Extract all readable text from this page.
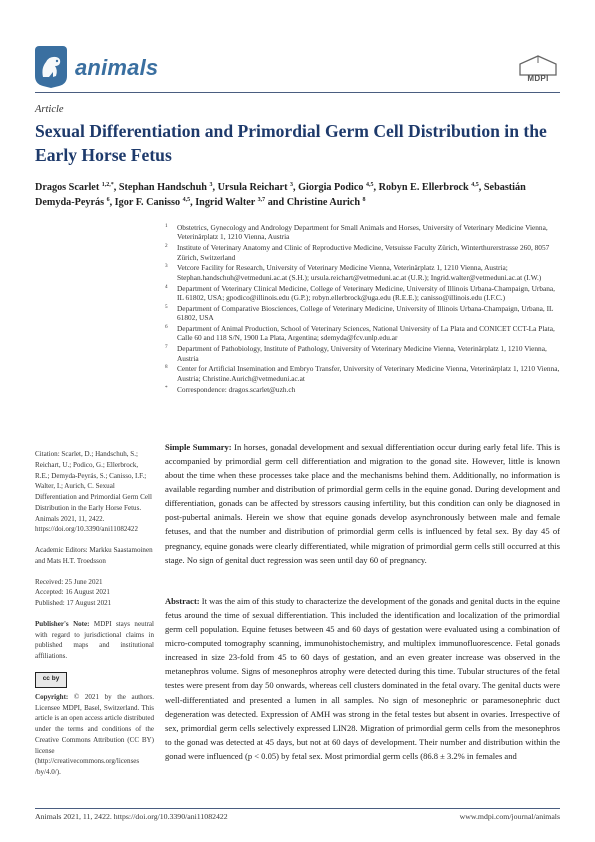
animals	MDPI
Article
Sexual Differentiation and Primordial Germ Cell Distribution in the Early Horse Fetus
Dragos Scarlet $^{1,2,*}$, Stephan Handschuh $^3$, Ursula Reichart $^3$, Giorgia Podico $^{4,5}$, Robyn E. Ellerbrock $^{4,5}$, Sebastián Demyda-Peyrás $^6$, Igor F. Canisso $^{4,5}$, Ingrid Walter $^{3,7}$ and Christine Aurich $^8$
1 Obstetrics, Gynecology and Andrology Department for Small Animals and Horses, University of Veterinary Medicine Vienna, Veterinärplatz 1, 1210 Vienna, Austria
2 Institute of Veterinary Anatomy and Clinic of Reproductive Medicine, Vetsuisse Faculty Zürich, Winterthurerstrasse 260, 8057 Zürich, Switzerland
3 Vetcore Facility for Research, University of Veterinary Medicine Vienna, Veterinärplatz 1, 1210 Vienna, Austria; Stephan.handschuh@vetmeduni.ac.at (S.H.); ursula.reichart@vetmeduni.ac.at (U.R.); Ingrid.walter@vetmeduni.ac.at (I.W.)
4 Department of Veterinary Clinical Medicine, College of Veterinary Medicine, University of Illinois Urbana-Champaign, Urbana, IL 61802, USA; gpodico@illinois.edu (G.P.); robyn.ellerbrock@uga.edu (R.E.E.); canisso@illinois.edu (I.F.C.)
5 Department of Comparative Biosciences, College of Veterinary Medicine, University of Illinois Urbana-Champaign, Urbana, IL 61802, USA
6 Department of Animal Production, School of Veterinary Sciences, National University of La Plata and CONICET CCT-La Plata, Calle 60 and 118 S/N, 1900 La Plata, Argentina; sdemyda@fcv.unlp.edu.ar
7 Department of Pathobiology, Institute of Pathology, University of Veterinary Medicine Vienna, Veterinärplatz 1, 1210 Vienna, Austria
8 Center for Artificial Insemination and Embryo Transfer, University of Veterinary Medicine Vienna, Veterinärplatz 1, 1210 Vienna, Austria; Christine.Aurich@vetmeduni.ac.at
* Correspondence: dragos.scarlet@uzh.ch
Citation: Scarlet, D.; Handschuh, S.; Reichart, U.; Podico, G.; Ellerbrock, R.E.; Demyda-Peyrás, S.; Canisso, I.F.; Walter, I.; Aurich, C. Sexual Differentiation and Primordial Germ Cell Distribution in the Early Horse Fetus. Animals 2021, 11, 2422. https://doi.org/10.3390/ani11082422
Academic Editors: Markku Saastamoinen and Mats H.T. Troedsson
Received: 25 June 2021
Accepted: 16 August 2021
Published: 17 August 2021
Publisher's Note: MDPI stays neutral with regard to jurisdictional claims in published maps and institutional affiliations.
cc by
Copyright: © 2021 by the authors. Licensee MDPI, Basel, Switzerland. This article is an open access article distributed under the terms and conditions of the Creative Commons Attribution (CC BY) license (http://creativecommons.org/licenses /by/4.0/).
Simple Summary: In horses, gonadal development and sexual differentiation occur during early fetal life. This is accompanied by primordial germ cell differentiation and migration to the gonad site. However, little is known about the time when these processes take place and the mechanisms behind them. Additionally, no information is available regarding number and distribution of primordial germ cells in the equine gonad. During development and differentiation, gonads can be affected by stressors causing infertility, but this condition can only be diagnosed in post-pubertal animals. Herein we show that equine gonads develop asynchronously between male and female fetuses, and that the number and distribution of primordial germ cells is influenced by fetal sex. By day 45 of pregnancy, equine gonads were clearly differentiated, while migration of primordial germ cells still occurred at this stage. No sign of genital duct regression was seen until day 60 of pregnancy.
Abstract: It was the aim of this study to characterize the development of the gonads and genital ducts in the equine fetus around the time of sexual differentiation. This included the identification and localization of the primordial germ cell population. Equine fetuses between 45 and 60 days of gestation were evaluated using a combination of micro-computed tomography scanning, immunohistochemistry, and multiplex immunofluorescence. Fetal gonads increased in size 23-fold from 45 to 60 days of gestation, and an even greater increase was observed in the metanephros volume. Signs of mesonephros atrophy were detected during this time. Tubular structures of the fetal testes were present from day 50 onwards, whereas cell clusters dominated in the fetal ovary. The genital ducts were well-differentiated and presented a lumen in all samples. No sign of mesonephric or paramesonephric duct degeneration was detected. Expression of AMH was strong in the fetal testes but absent in ovaries. Irrespective of sex, primordial germ cells selectively expressed LIN28. Migration of primordial germ cells from the mesonephros to the gonad was detected at 45 days, but not at 60 days of development. Their number and distribution within the gonad were influenced (p < 0.05) by fetal sex. Most primordial germ cells (86.8 ± 3.2% in females and
Animals 2021, 11, 2422. https://doi.org/10.3390/ani11082422	www.mdpi.com/journal/animals
